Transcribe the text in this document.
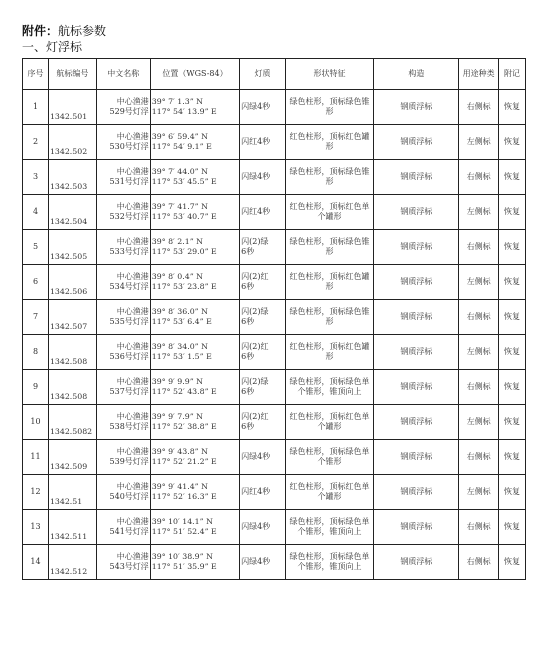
附件：航标参数
一、灯浮标
序号	航标编号	中文名称	位置（WGS-84）	灯质	形状特征	构造	用途种类	附记
1	1342.501	中心渔港
529号灯浮	39° 7′ 1.3” N
117° 54′ 13.9” E	闪绿4秒	绿色柱形，顶标绿色锥
形	钢质浮标	右侧标	恢复
2	1342.502	中心渔港
530号灯浮	39° 6′ 59.4” N
117° 54′ 9.1” E	闪红4秒	红色柱形，顶标红色罐
形	钢质浮标	左侧标	恢复
3	1342.503	中心渔港
531号灯浮	39° 7′ 44.0” N
117° 53′ 45.5” E	闪绿4秒	绿色柱形，顶标绿色锥
形	钢质浮标	右侧标	恢复
4	1342.504	中心渔港
532号灯浮	39° 7′ 41.7” N
117° 53′ 40.7” E	闪红4秒	红色柱形，顶标红色单
个罐形	钢质浮标	左侧标	恢复
5	1342.505	中心渔港
533号灯浮	39° 8′ 2.1” N
117° 53′ 29.0” E	闪(2)绿
6秒	绿色柱形，顶标绿色锥
形	钢质浮标	右侧标	恢复
6	1342.506	中心渔港
534号灯浮	39° 8′ 0.4” N
117° 53′ 23.8” E	闪(2)红
6秒	红色柱形，顶标红色罐
形	钢质浮标	左侧标	恢复
7	1342.507	中心渔港
535号灯浮	39° 8′ 36.0” N
117° 53′ 6.4” E	闪(2)绿
6秒	绿色柱形，顶标绿色锥
形	钢质浮标	右侧标	恢复
8	1342.508	中心渔港
536号灯浮	39° 8′ 34.0” N
117° 53′ 1.5” E	闪(2)红
6秒	红色柱形，顶标红色罐
形	钢质浮标	左侧标	恢复
9	1342.508	中心渔港
537号灯浮	39° 9′ 9.9” N
117° 52′ 43.8” E	闪(2)绿
6秒	绿色柱形，顶标绿色单
个锥形，锥顶向上	钢质浮标	右侧标	恢复
10	1342.5082	中心渔港
538号灯浮	39° 9′ 7.9” N
117° 52′ 38.8” E	闪(2)红
6秒	红色柱形，顶标红色单
个罐形	钢质浮标	左侧标	恢复
11	1342.509	中心渔港
539号灯浮	39° 9′ 43.8” N
117° 52′ 21.2” E	闪绿4秒	绿色柱形，顶标绿色单
个锥形	钢质浮标	右侧标	恢复
12	1342.51	中心渔港
540号灯浮	39° 9′ 41.4” N
117° 52′ 16.3” E	闪红4秒	红色柱形，顶标红色单
个罐形	钢质浮标	左侧标	恢复
13	1342.511	中心渔港
541号灯浮	39° 10′ 14.1” N
117° 51′ 52.4” E	闪绿4秒	绿色柱形，顶标绿色单
个锥形，锥顶向上	钢质浮标	右侧标	恢复
14	1342.512	中心渔港
543号灯浮	39° 10′ 38.9” N
117° 51′ 35.9” E	闪绿4秒	绿色柱形，顶标绿色单
个锥形，锥顶向上	钢质浮标	右侧标	恢复
